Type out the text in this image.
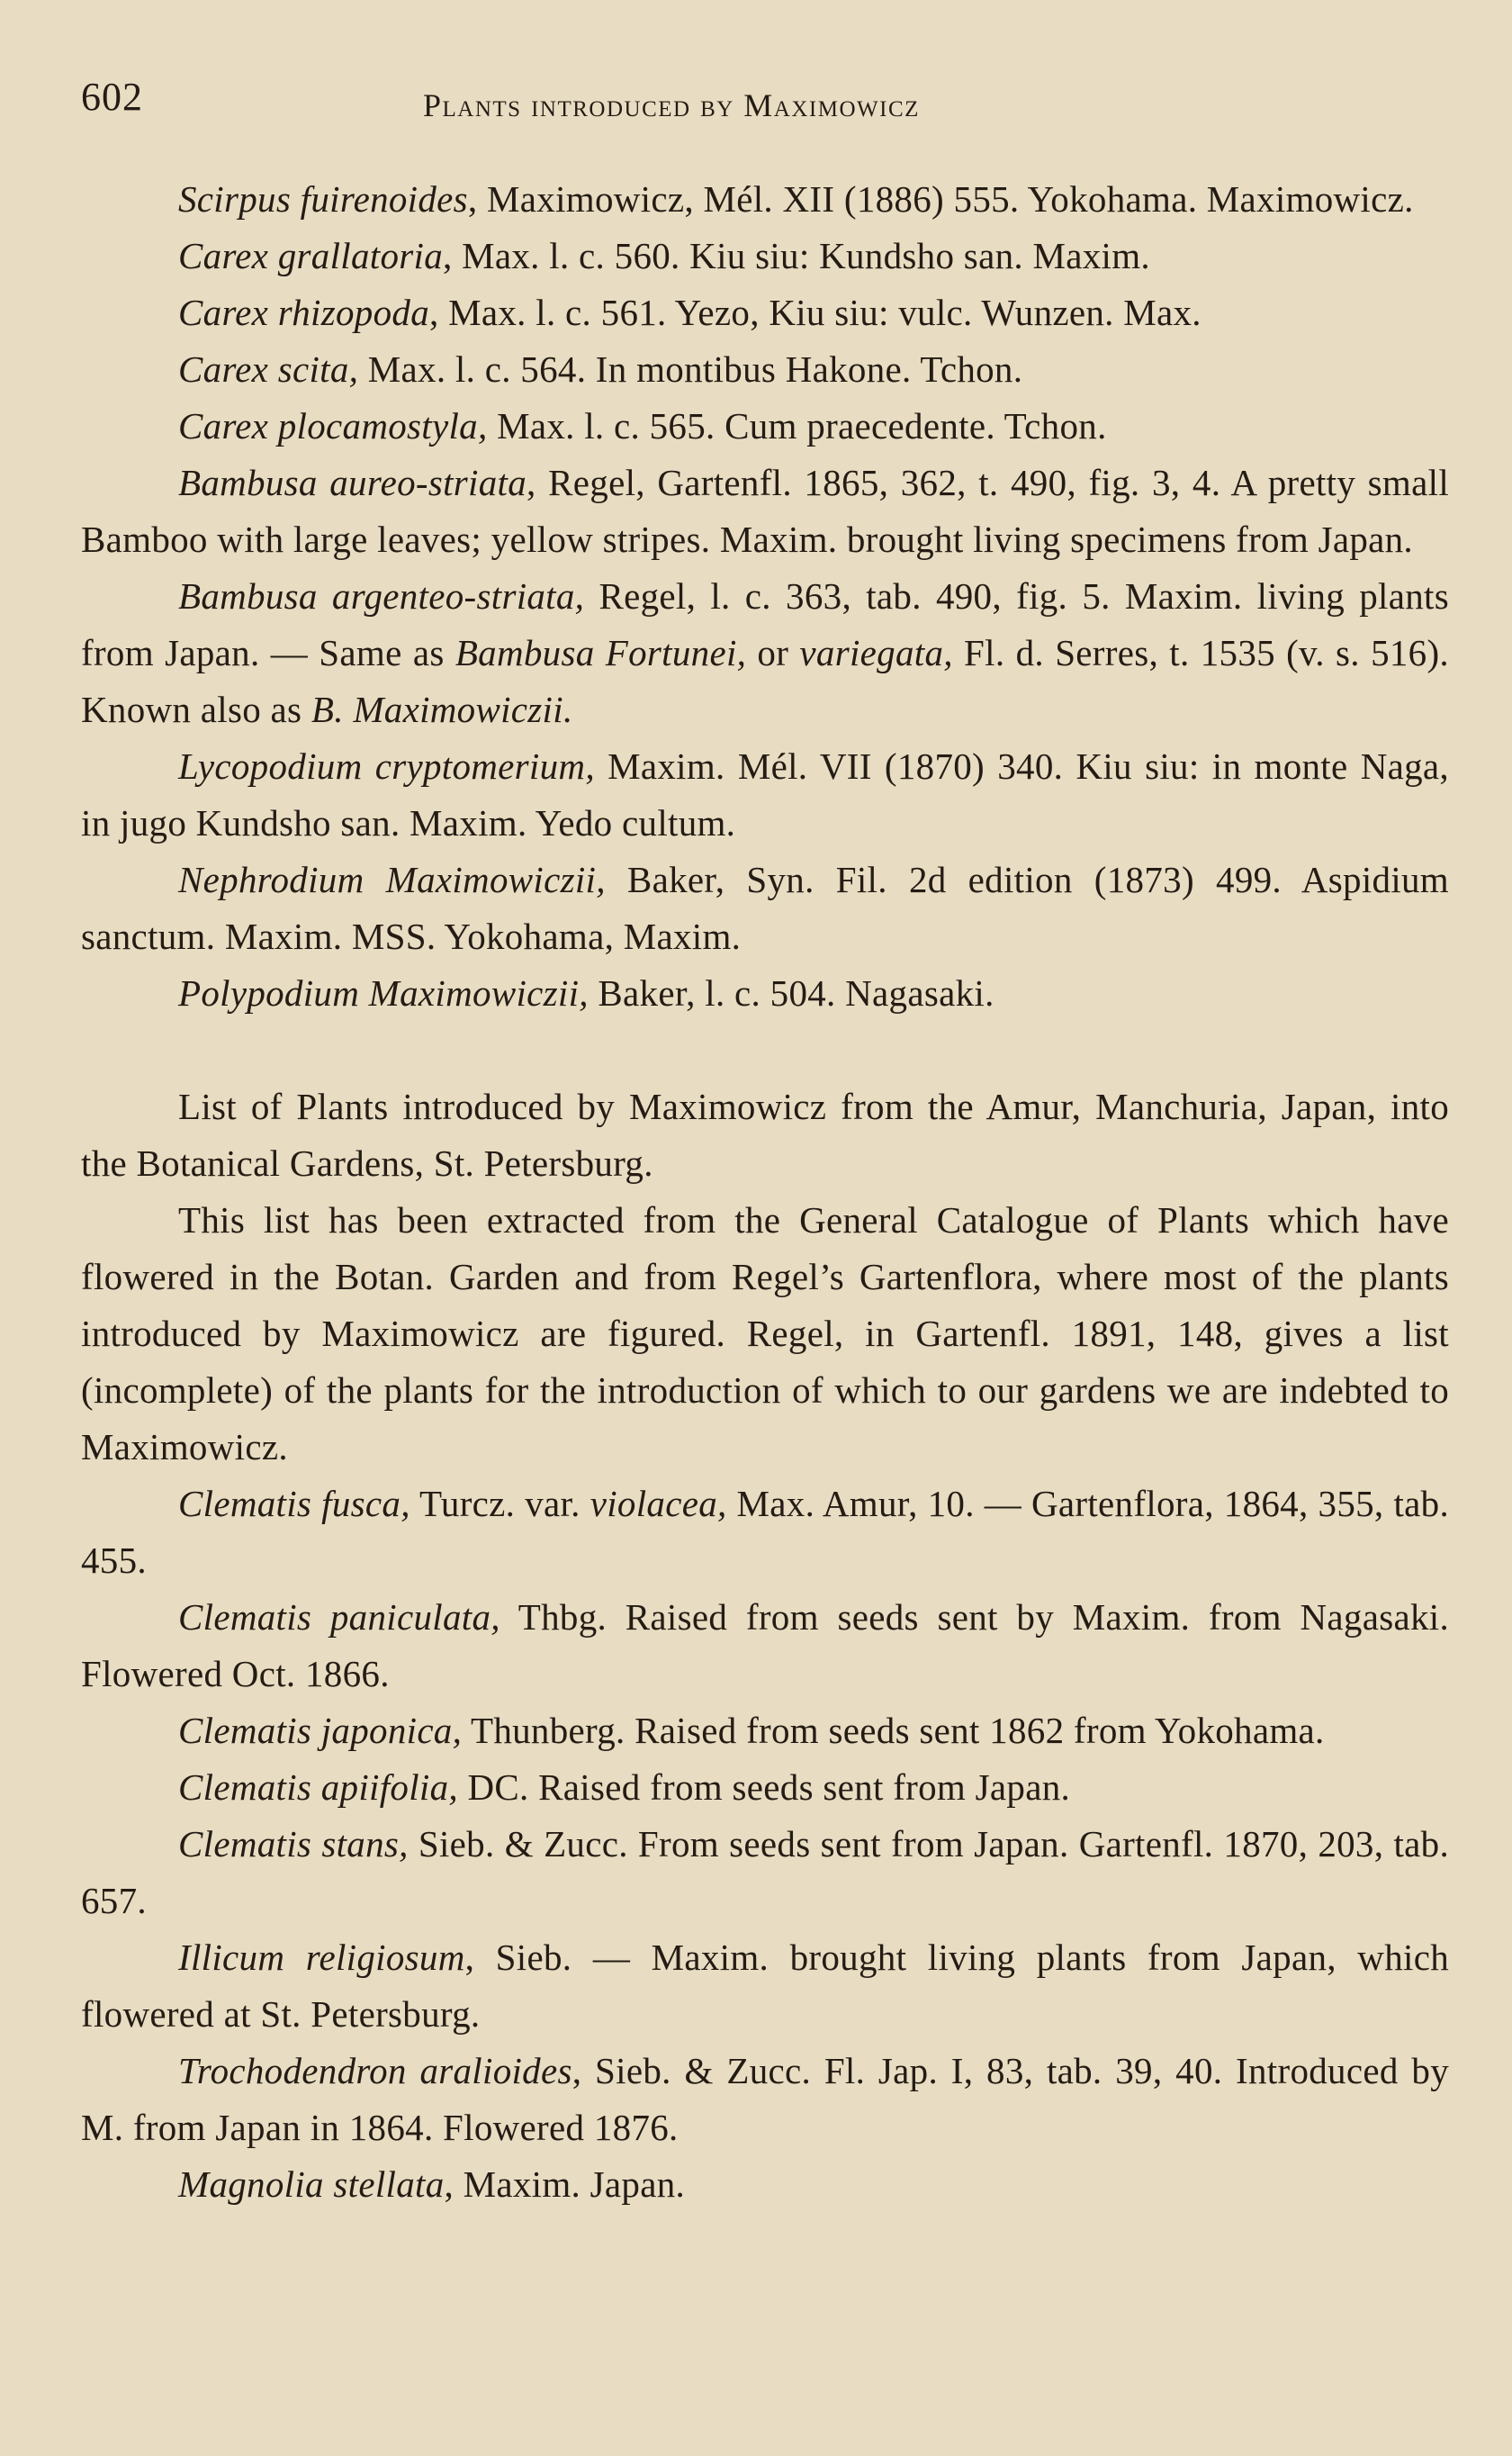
602	Plants introduced by Maximowicz

Scirpus fuirenoides, Maximowicz, Mél. XII (1886) 555. Yokohama. Maximowicz.

Carex grallatoria, Max. l. c. 560. Kiu siu: Kundsho san. Maxim.

Carex rhizopoda, Max. l. c. 561. Yezo, Kiu siu: vulc. Wunzen. Max.

Carex scita, Max. l. c. 564. In montibus Hakone. Tchon.

Carex plocamostyla, Max. l. c. 565. Cum praecedente. Tchon.

Bambusa aureo-striata, Regel, Gartenfl. 1865, 362, t. 490, fig. 3, 4. A pretty small Bamboo with large leaves; yellow stripes. Maxim. brought living specimens from Japan.

Bambusa argenteo-striata, Regel, l. c. 363, tab. 490, fig. 5. Maxim. living plants from Japan. — Same as Bambusa Fortunei, or variegata, Fl. d. Serres, t. 1535 (v. s. 516). Known also as B. Maximowiczii.

Lycopodium cryptomerium, Maxim. Mél. VII (1870) 340. Kiu siu: in monte Naga, in jugo Kundsho san. Maxim. Yedo cultum.

Nephrodium Maximowiczii, Baker, Syn. Fil. 2d edition (1873) 499. Aspidium sanctum. Maxim. MSS. Yokohama, Maxim.

Polypodium Maximowiczii, Baker, l. c. 504. Nagasaki.

List of Plants introduced by Maximowicz from the Amur, Manchuria, Japan, into the Botanical Gardens, St. Petersburg.

This list has been extracted from the General Catalogue of Plants which have flowered in the Botan. Garden and from Regel’s Gartenflora, where most of the plants introduced by Maximowicz are figured. Regel, in Gartenfl. 1891, 148, gives a list (incomplete) of the plants for the introduction of which to our gardens we are indebted to Maximowicz.

Clematis fusca, Turcz. var. violacea, Max. Amur, 10. — Gartenflora, 1864, 355, tab. 455.

Clematis paniculata, Thbg. Raised from seeds sent by Maxim. from Nagasaki. Flowered Oct. 1866.

Clematis japonica, Thunberg. Raised from seeds sent 1862 from Yokohama.

Clematis apiifolia, DC. Raised from seeds sent from Japan.

Clematis stans, Sieb. & Zucc. From seeds sent from Japan. Gartenfl. 1870, 203, tab. 657.

Illicum religiosum, Sieb. — Maxim. brought living plants from Japan, which flowered at St. Petersburg.

Trochodendron aralioides, Sieb. & Zucc. Fl. Jap. I, 83, tab. 39, 40. Introduced by M. from Japan in 1864. Flowered 1876.

Magnolia stellata, Maxim. Japan.
